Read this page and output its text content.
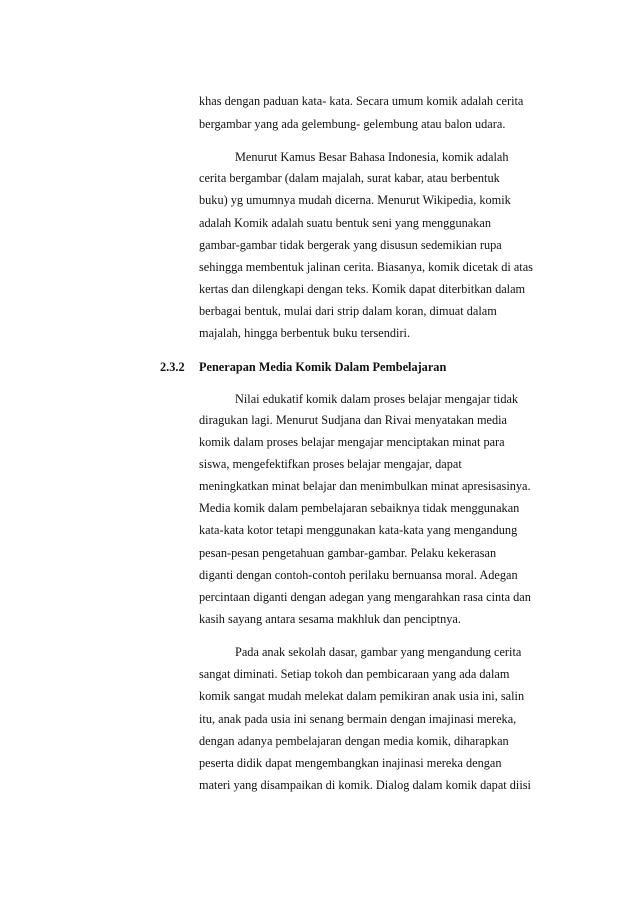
khas dengan paduan kata- kata. Secara umum komik adalah cerita
bergambar yang ada gelembung- gelembung atau balon udara.
Menurut Kamus Besar Bahasa Indonesia, komik adalah
cerita bergambar (dalam majalah, surat kabar, atau berbentuk
buku) yg umumnya mudah dicerna. Menurut Wikipedia, komik
adalah Komik adalah suatu bentuk seni yang menggunakan
gambar-gambar tidak bergerak yang disusun sedemikian rupa
sehingga membentuk jalinan cerita. Biasanya, komik dicetak di atas
kertas dan dilengkapi dengan teks. Komik dapat diterbitkan dalam
berbagai bentuk, mulai dari strip dalam koran, dimuat dalam
majalah, hingga berbentuk buku tersendiri.
2.3.2 Penerapan Media Komik Dalam Pembelajaran
Nilai edukatif komik dalam proses belajar mengajar tidak
diragukan lagi. Menurut Sudjana dan Rivai menyatakan media
komik dalam proses belajar mengajar menciptakan minat para
siswa, mengefektifkan proses belajar mengajar, dapat
meningkatkan minat belajar dan menimbulkan minat apresisasinya.
Media komik dalam pembelajaran sebaiknya tidak menggunakan
kata-kata kotor tetapi menggunakan kata-kata yang mengandung
pesan-pesan pengetahuan gambar-gambar. Pelaku kekerasan
diganti dengan contoh-contoh perilaku bernuansa moral. Adegan
percintaan diganti dengan adegan yang mengarahkan rasa cinta dan
kasih sayang antara sesama makhluk dan penciptnya.
Pada anak sekolah dasar, gambar yang mengandung cerita
sangat diminati. Setiap tokoh dan pembicaraan yang ada dalam
komik sangat mudah melekat dalam pemikiran anak usia ini, salin
itu, anak pada usia ini senang bermain dengan imajinasi mereka,
dengan adanya pembelajaran dengan media komik, diharapkan
peserta didik dapat mengembangkan inajinasi mereka dengan
materi yang disampaikan di komik. Dialog dalam komik dapat diisi
